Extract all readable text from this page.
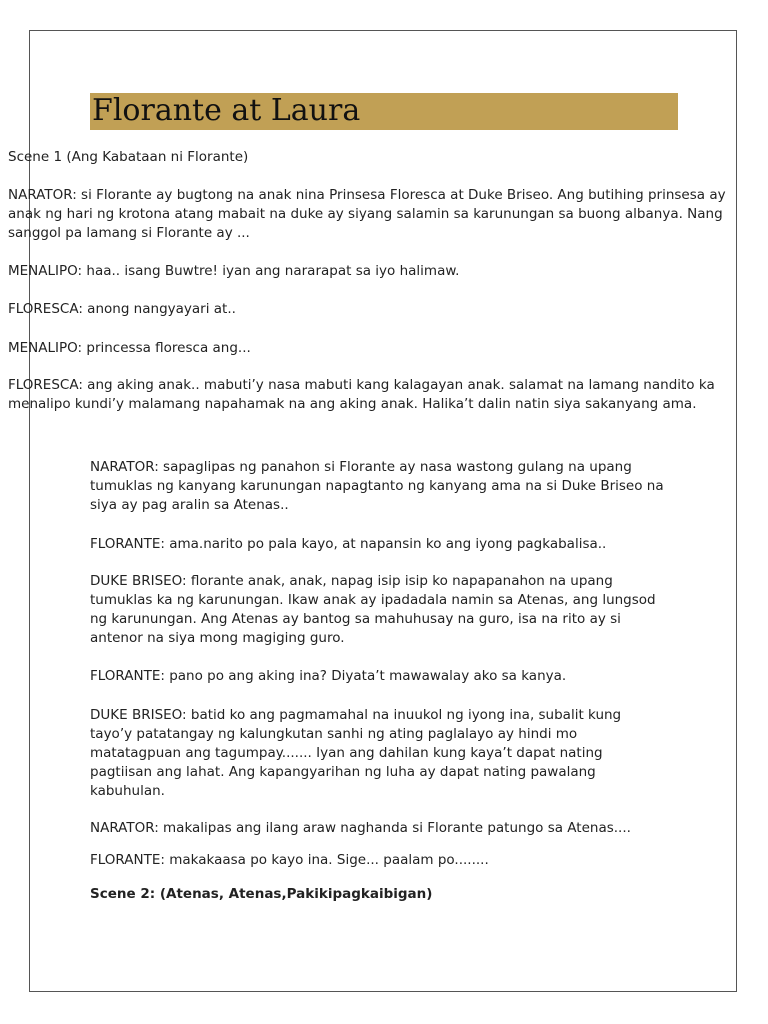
Florante at Laura

Scene 1 (Ang Kabataan ni Florante)

NARATOR: si Florante ay bugtong na anak nina Prinsesa Floresca at Duke Briseo. Ang butihing prinsesa ay
anak ng hari ng krotona atang mabait na duke ay siyang salamin sa karunungan sa buong albanya. Nang
sanggol pa lamang si Florante ay ...

MENALIPO: haa.. isang Buwtre! iyan ang nararapat sa iyo halimaw.

FLORESCA: anong nangyayari at..

MENALIPO: princessa floresca ang...

FLORESCA: ang aking anak.. mabuti’y nasa mabuti kang kalagayan anak. salamat na lamang nandito ka
menalipo kundi’y malamang napahamak na ang aking anak. Halika’t dalin natin siya sakanyang ama.

NARATOR: sapaglipas ng panahon si Florante ay nasa wastong gulang na upang
tumuklas ng kanyang karunungan napagtanto ng kanyang ama na si Duke Briseo na
siya ay pag aralin sa Atenas..

FLORANTE: ama.narito po pala kayo, at napansin ko ang iyong pagkabalisa..

DUKE BRISEO: florante anak, anak, napag isip isip ko napapanahon na upang
tumuklas ka ng karunungan. Ikaw anak ay ipadadala namin sa Atenas, ang lungsod
ng karunungan. Ang Atenas ay bantog sa mahuhusay na guro, isa na rito ay si
antenor na siya mong magiging guro.

FLORANTE: pano po ang aking ina? Diyata’t mawawalay ako sa kanya.

DUKE BRISEO: batid ko ang pagmamahal na inuukol ng iyong ina, subalit kung
tayo’y patatangay ng kalungkutan sanhi ng ating paglalayo ay hindi mo
matatagpuan ang tagumpay....... Iyan ang dahilan kung kaya’t dapat nating
pagtiisan ang lahat. Ang kapangyarihan ng luha ay dapat nating pawalang
kabuhulan.

NARATOR: makalipas ang ilang araw naghanda si Florante patungo sa Atenas....

FLORANTE: makakaasa po kayo ina. Sige... paalam po........

Scene 2: (Atenas, Atenas,Pakikipagkaibigan)
